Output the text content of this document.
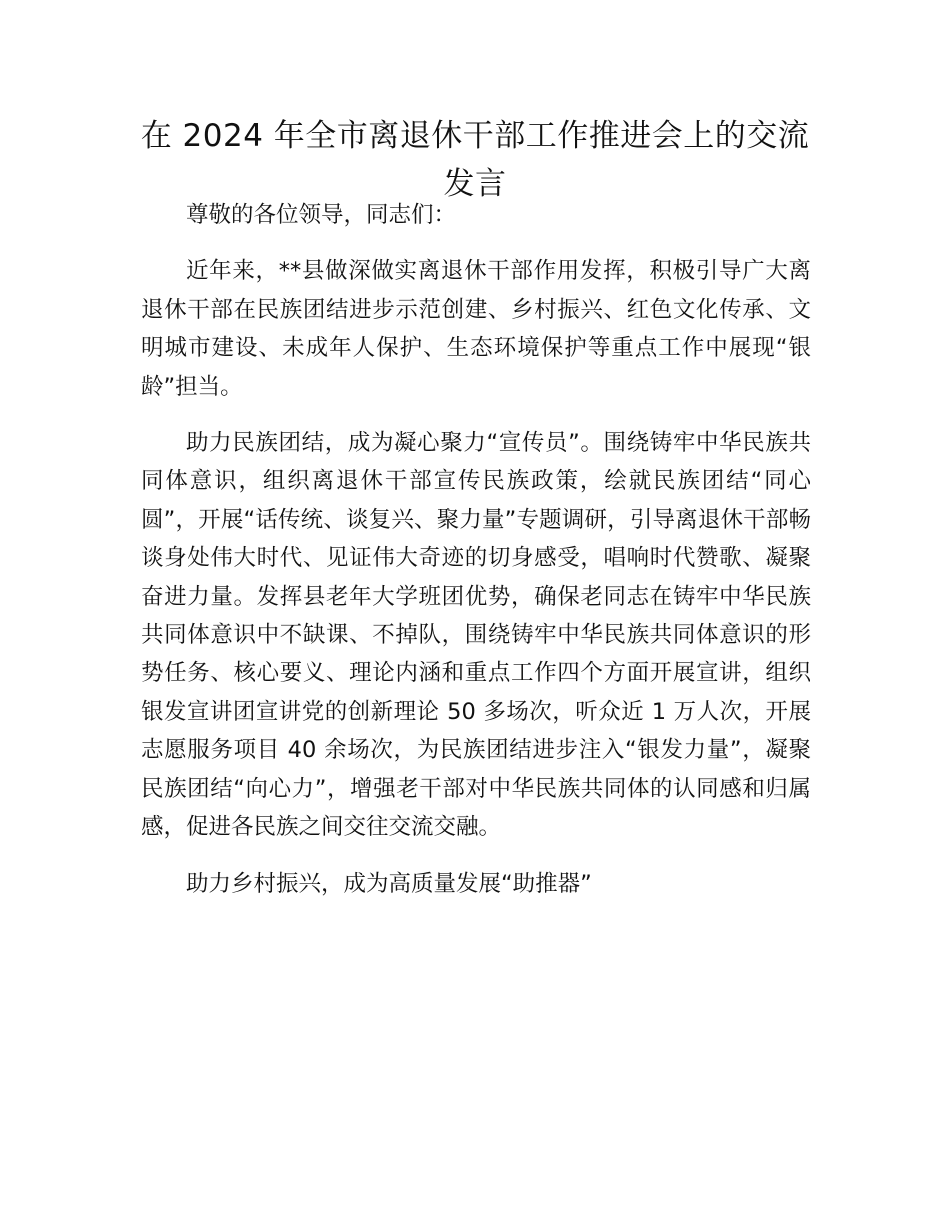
在 2024 年全市离退休干部工作推进会上的交流发言

尊敬的各位领导，同志们：

近年来，**县做深做实离退休干部作用发挥，积极引导广大离退休干部在民族团结进步示范创建、乡村振兴、红色文化传承、文明城市建设、未成年人保护、生态环境保护等重点工作中展现“银龄”担当。

助力民族团结，成为凝心聚力“宣传员”。围绕铸牢中华民族共同体意识，组织离退休干部宣传民族政策，绘就民族团结“同心圆”，开展“话传统、谈复兴、聚力量”专题调研，引导离退休干部畅谈身处伟大时代、见证伟大奇迹的切身感受，唱响时代赞歌、凝聚奋进力量。发挥县老年大学班团优势，确保老同志在铸牢中华民族共同体意识中不缺课、不掉队，围绕铸牢中华民族共同体意识的形势任务、核心要义、理论内涵和重点工作四个方面开展宣讲，组织银发宣讲团宣讲党的创新理论 50 多场次，听众近 1 万人次，开展志愿服务项目 40 余场次，为民族团结进步注入“银发力量”，凝聚民族团结“向心力”，增强老干部对中华民族共同体的认同感和归属感，促进各民族之间交往交流交融。

助力乡村振兴，成为高质量发展“助推器”
